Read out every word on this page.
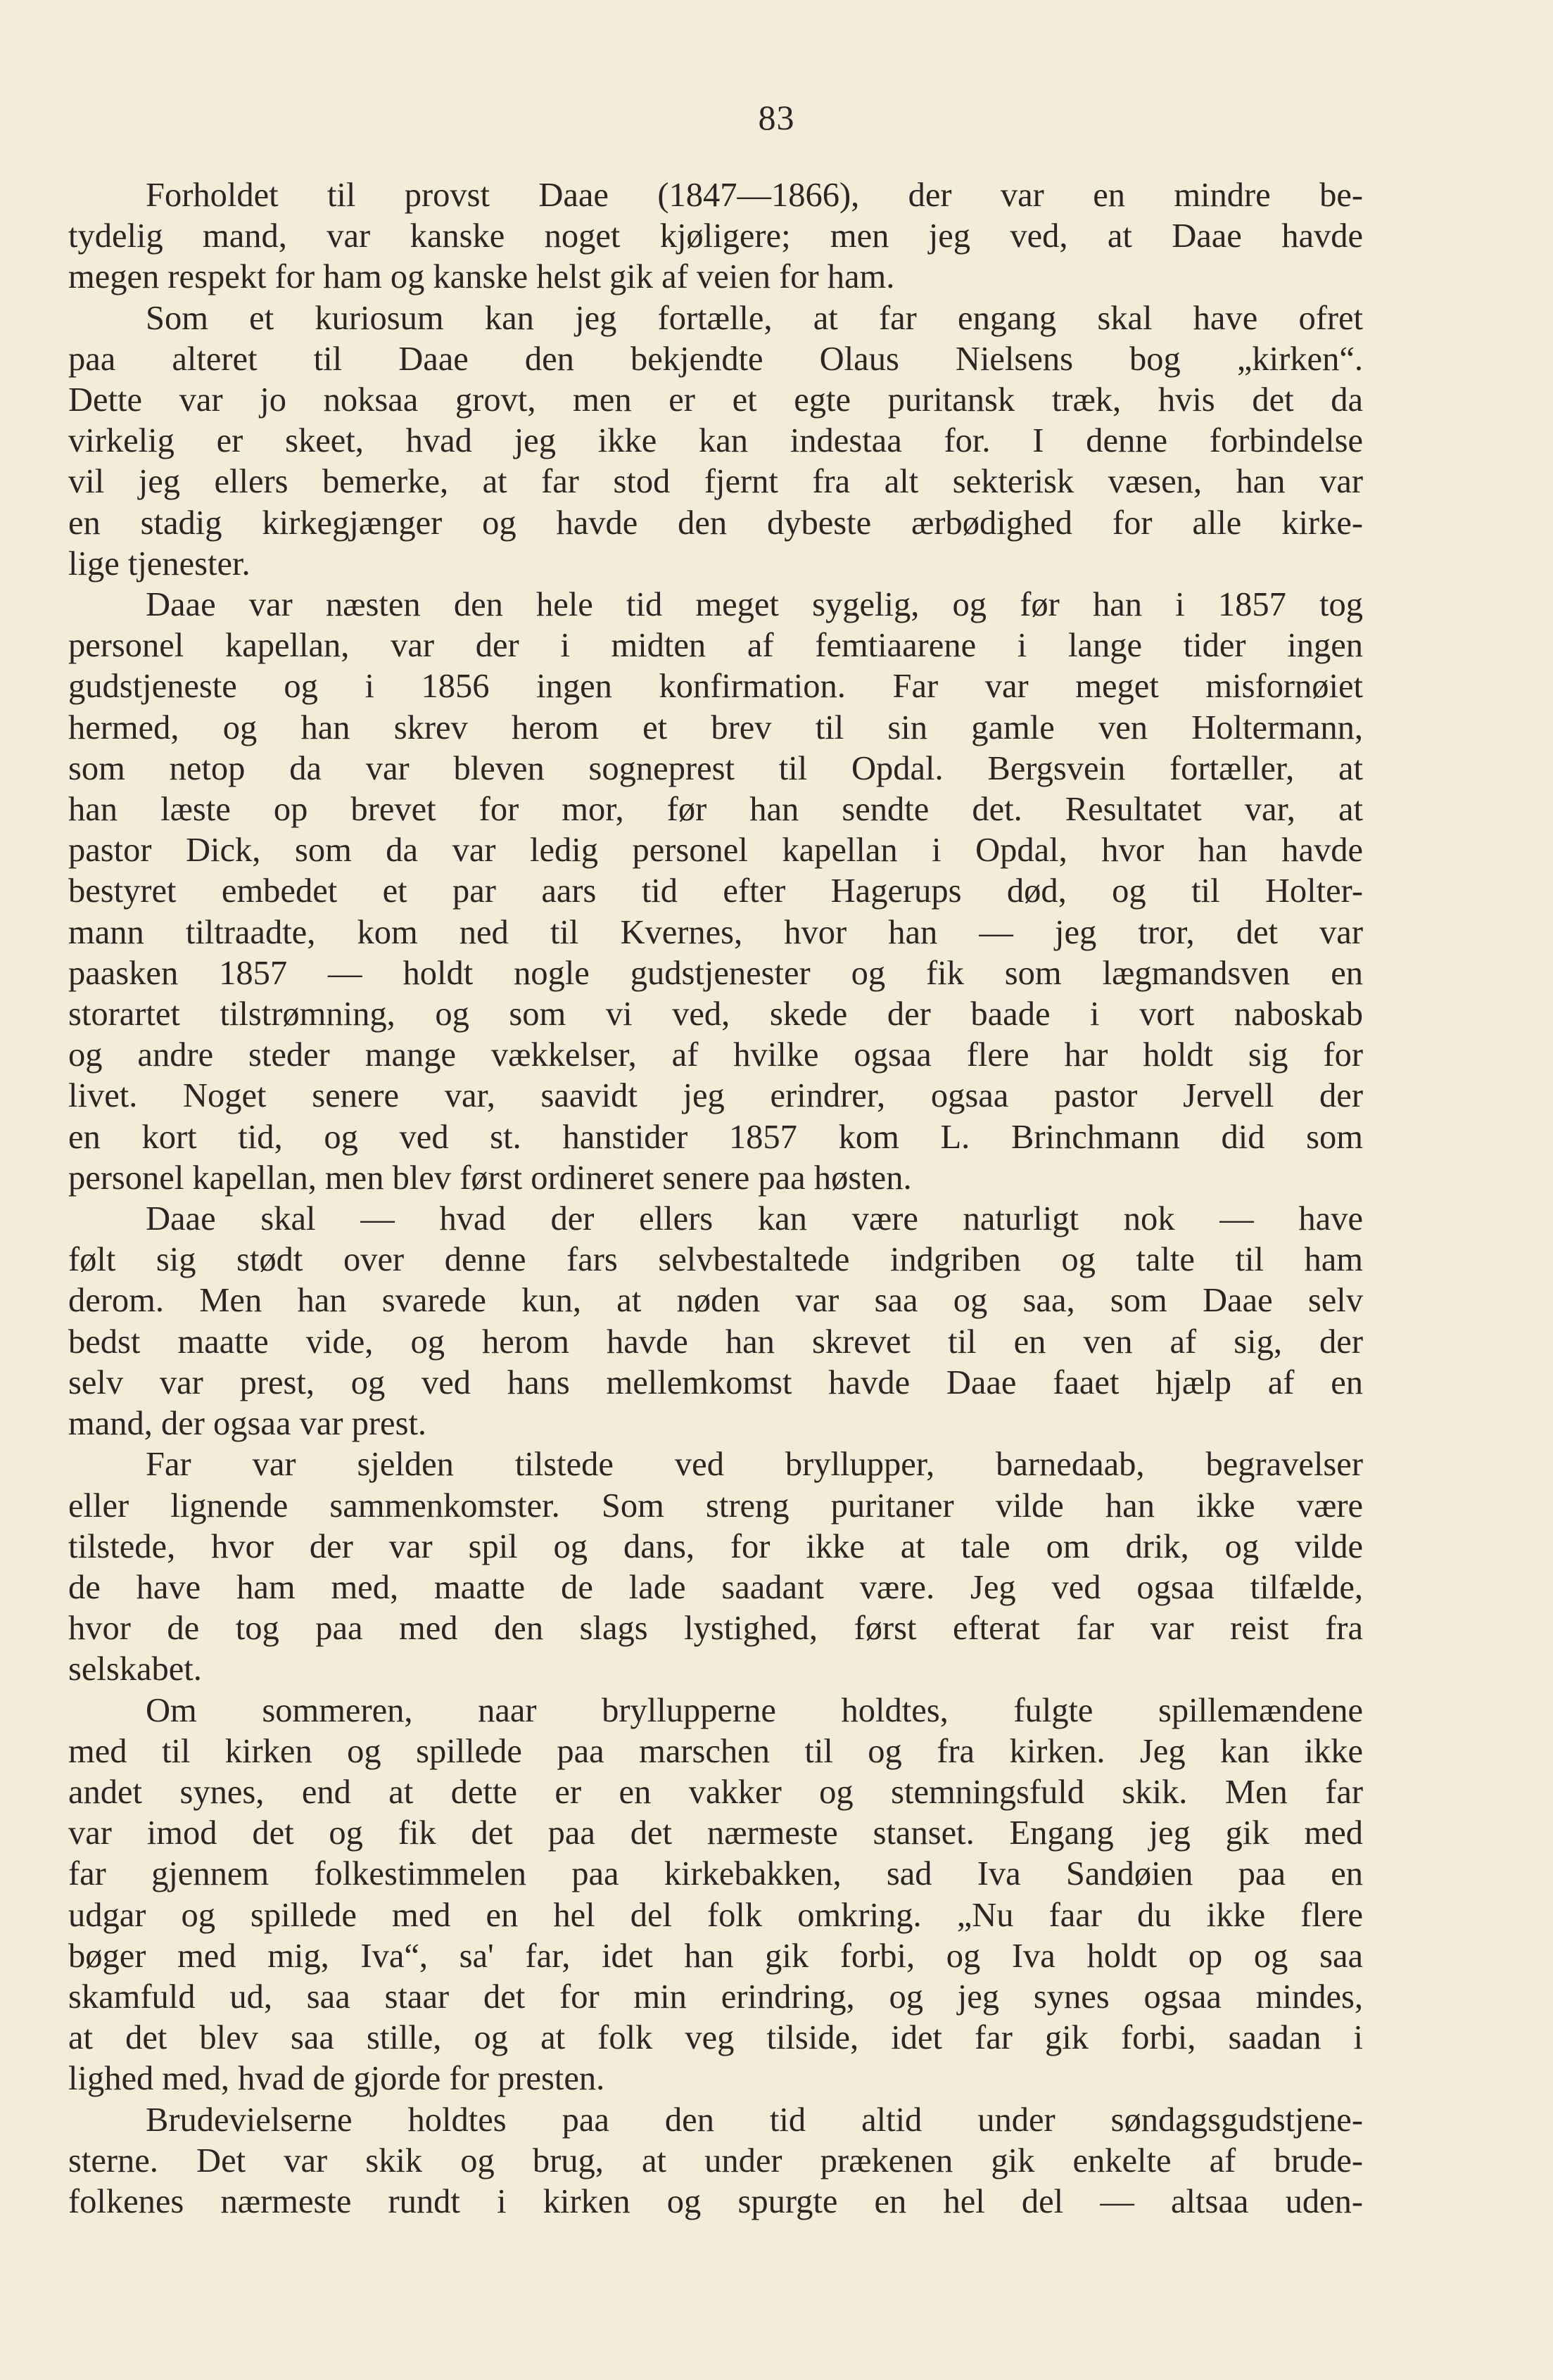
83

Forholdet til provst Daae (1847—1866), der var en mindre be-
tydelig mand, var kanske noget kjøligere; men jeg ved, at Daae havde
megen respekt for ham og kanske helst gik af veien for ham.

Som et kuriosum kan jeg fortælle, at far engang skal have ofret
paa alteret til Daae den bekjendte Olaus Nielsens bog „kirken“.
Dette var jo noksaa grovt, men er et egte puritansk træk, hvis det da
virkelig er skeet, hvad jeg ikke kan indestaa for. I denne forbindelse
vil jeg ellers bemerke, at far stod fjernt fra alt sekterisk væsen, han var
en stadig kirkegjænger og havde den dybeste ærbødighed for alle kirke-
lige tjenester.

Daae var næsten den hele tid meget sygelig, og før han i 1857 tog
personel kapellan, var der i midten af femtiaarene i lange tider ingen
gudstjeneste og i 1856 ingen konfirmation. Far var meget misfornøiet
hermed, og han skrev herom et brev til sin gamle ven Holtermann,
som netop da var bleven sogneprest til Opdal. Bergsvein fortæller, at
han læste op brevet for mor, før han sendte det. Resultatet var, at
pastor Dick, som da var ledig personel kapellan i Opdal, hvor han havde
bestyret embedet et par aars tid efter Hagerups død, og til Holter-
mann tiltraadte, kom ned til Kvernes, hvor han — jeg tror, det var
paasken 1857 — holdt nogle gudstjenester og fik som lægmandsven en
storartet tilstrømning, og som vi ved, skede der baade i vort naboskab
og andre steder mange vækkelser, af hvilke ogsaa flere har holdt sig for
livet. Noget senere var, saavidt jeg erindrer, ogsaa pastor Jervell der
en kort tid, og ved st. hanstider 1857 kom L. Brinchmann did som
personel kapellan, men blev først ordineret senere paa høsten.

Daae skal — hvad der ellers kan være naturligt nok — have
følt sig stødt over denne fars selvbestaltede indgriben og talte til ham
derom. Men han svarede kun, at nøden var saa og saa, som Daae selv
bedst maatte vide, og herom havde han skrevet til en ven af sig, der
selv var prest, og ved hans mellemkomst havde Daae faaet hjælp af en
mand, der ogsaa var prest.

Far var sjelden tilstede ved bryllupper, barnedaab, begravelser
eller lignende sammenkomster. Som streng puritaner vilde han ikke være
tilstede, hvor der var spil og dans, for ikke at tale om drik, og vilde
de have ham med, maatte de lade saadant være. Jeg ved ogsaa tilfælde,
hvor de tog paa med den slags lystighed, først efterat far var reist fra
selskabet.

Om sommeren, naar bryllupperne holdtes, fulgte spillemændene
med til kirken og spillede paa marschen til og fra kirken. Jeg kan ikke
andet synes, end at dette er en vakker og stemningsfuld skik. Men far
var imod det og fik det paa det nærmeste stanset. Engang jeg gik med
far gjennem folkestimmelen paa kirkebakken, sad Iva Sandøien paa en
udgar og spillede med en hel del folk omkring. „Nu faar du ikke flere
bøger med mig, Iva“, sa' far, idet han gik forbi, og Iva holdt op og saa
skamfuld ud, saa staar det for min erindring, og jeg synes ogsaa mindes,
at det blev saa stille, og at folk veg tilside, idet far gik forbi, saadan i
lighed med, hvad de gjorde for presten.

Brudevielserne holdtes paa den tid altid under søndagsgudstjene-
sterne. Det var skik og brug, at under prækenen gik enkelte af brude-
folkenes nærmeste rundt i kirken og spurgte en hel del — altsaa uden-
